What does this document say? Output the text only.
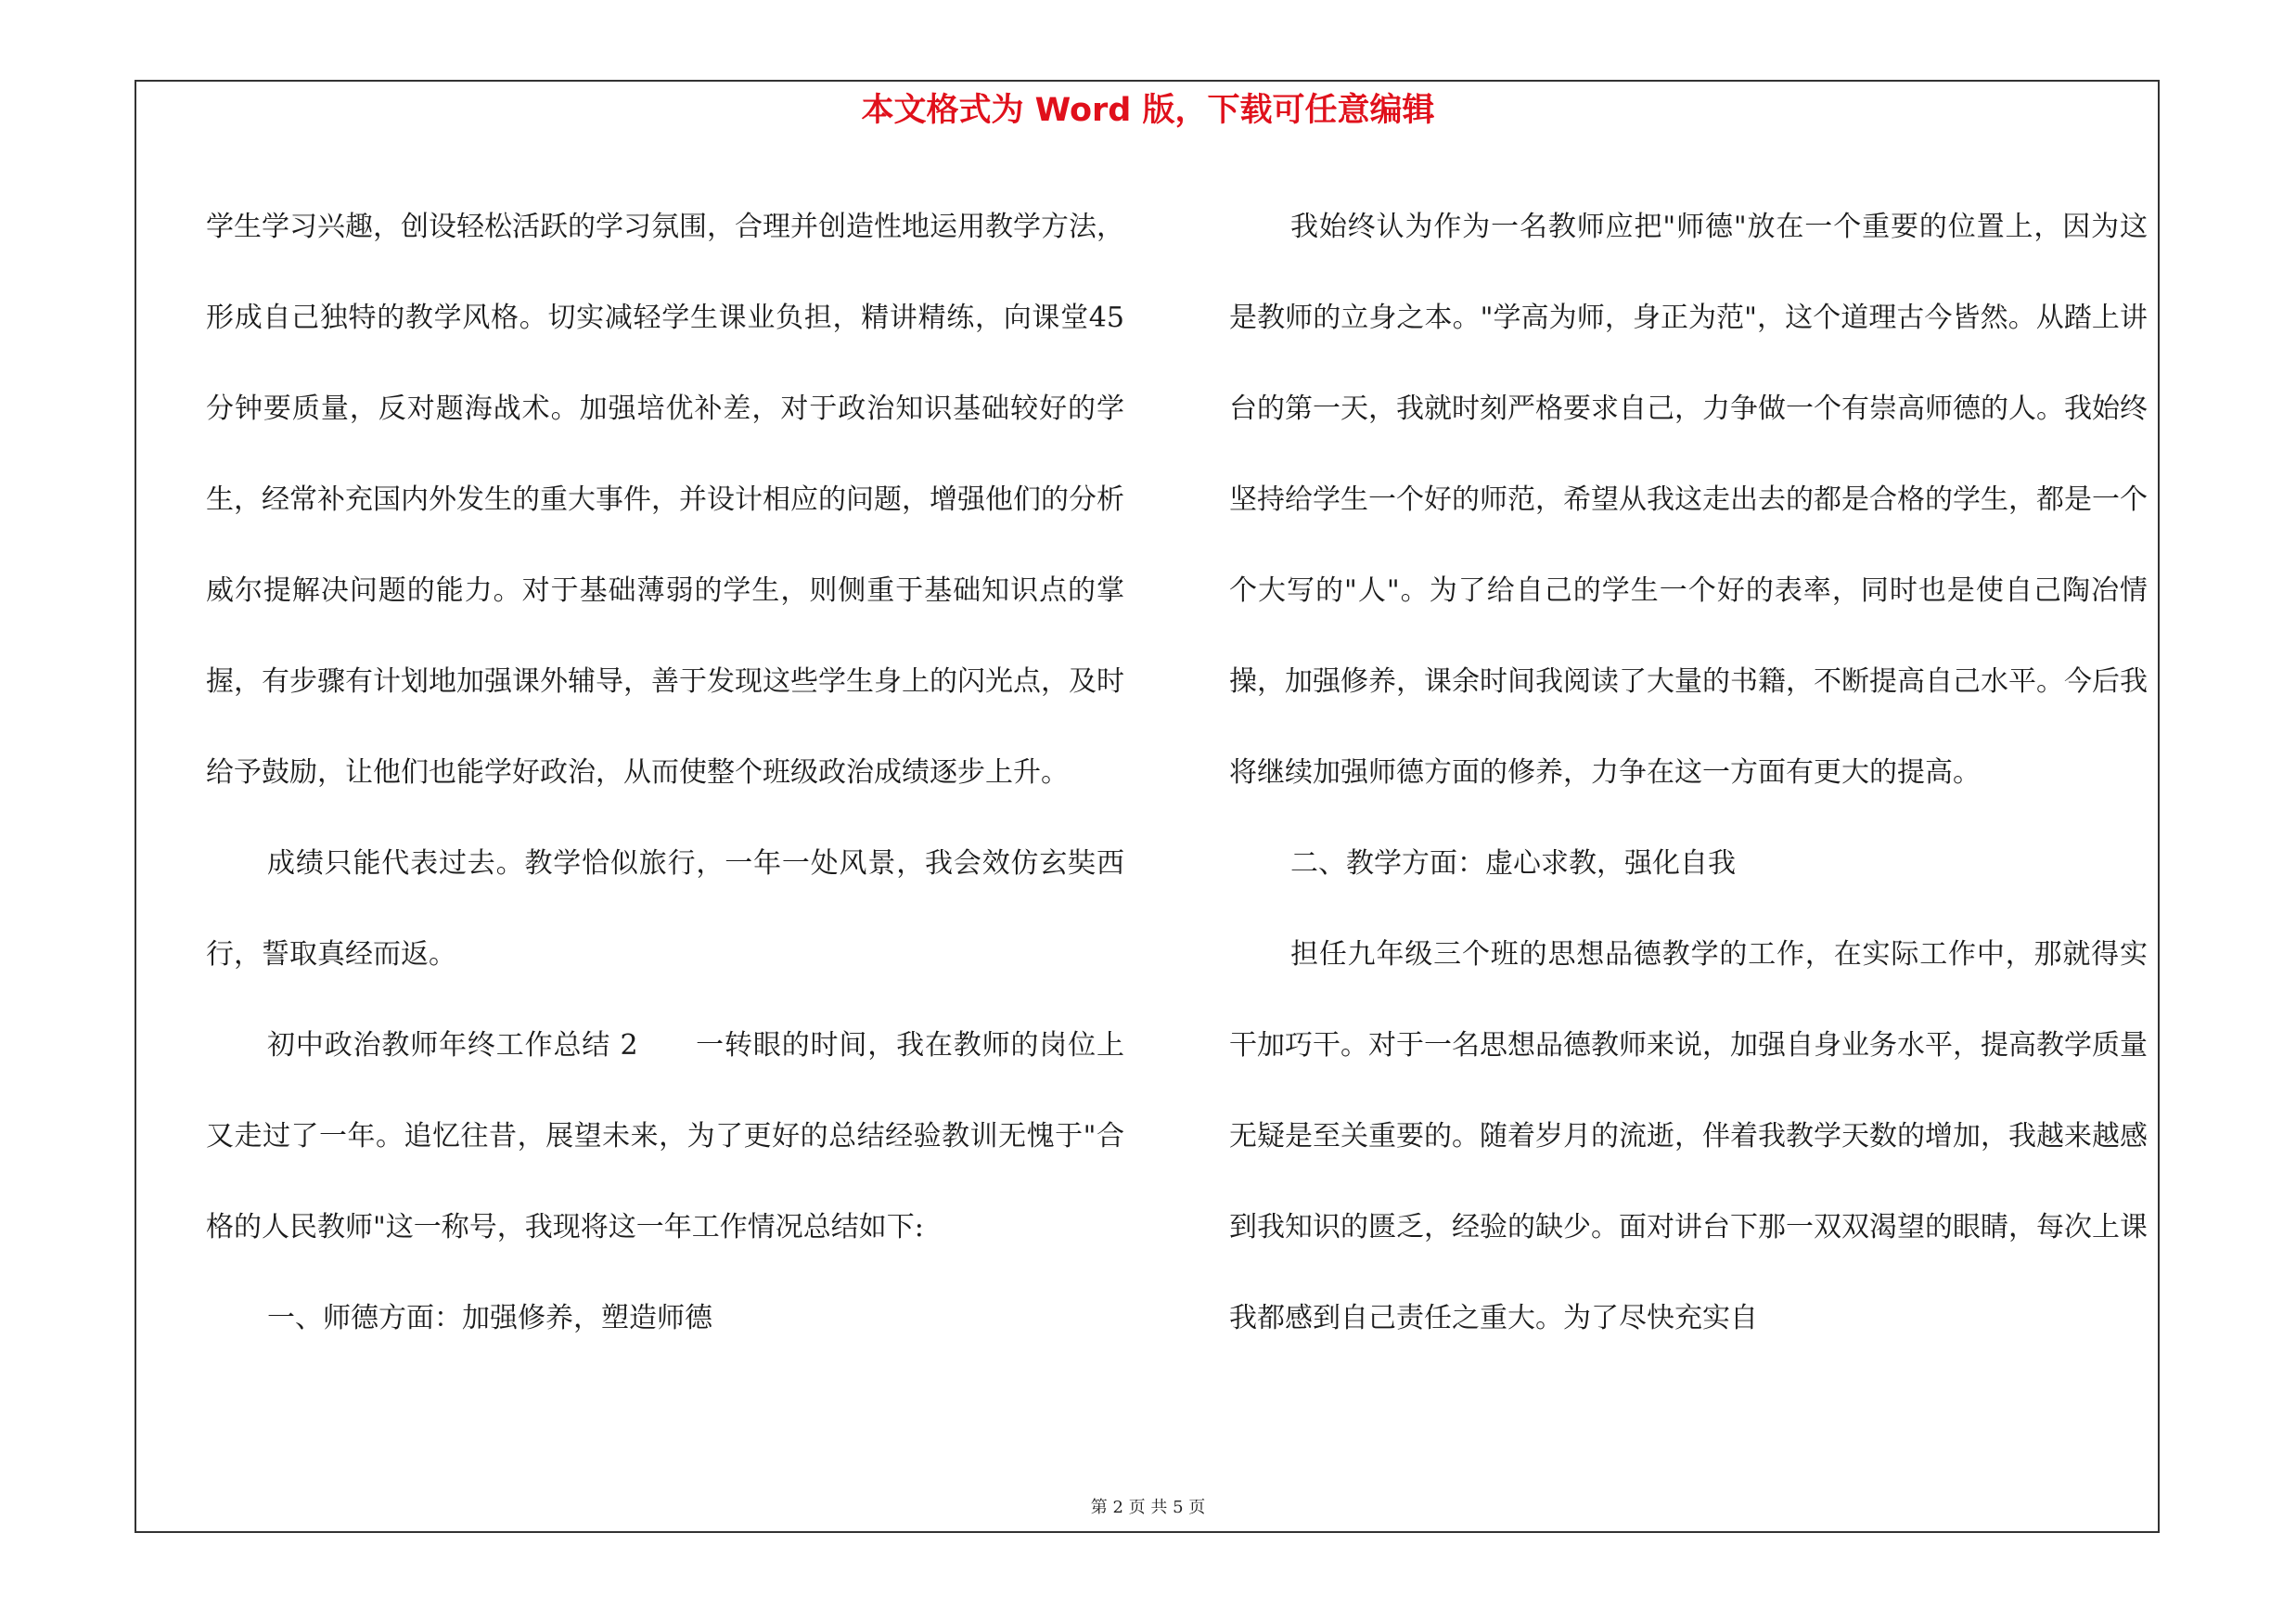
本文格式为 Word 版，下载可任意编辑

学生学习兴趣，创设轻松活跃的学习氛围，合理并创造性地运用教学方法，形成自己独特的教学风格。切实减轻学生课业负担，精讲精练，向课堂45分钟要质量，反对题海战术。加强培优补差，对于政治知识基础较好的学生，经常补充国内外发生的重大事件，并设计相应的问题，增强他们的分析威尔提解决问题的能力。对于基础薄弱的学生，则侧重于基础知识点的掌握，有步骤有计划地加强课外辅导，善于发现这些学生身上的闪光点，及时给予鼓励，让他们也能学好政治，从而使整个班级政治成绩逐步上升。

成绩只能代表过去。教学恰似旅行，一年一处风景，我会效仿玄奘西行，誓取真经而返。

初中政治教师年终工作总结 2　　一转眼的时间，我在教师的岗位上又走过了一年。追忆往昔，展望未来，为了更好的总结经验教训无愧于"合格的人民教师"这一称号，我现将这一年工作情况总结如下:

一、师德方面：加强修养，塑造师德

我始终认为作为一名教师应把"师德"放在一个重要的位置上，因为这是教师的立身之本。"学高为师，身正为范"，这个道理古今皆然。从踏上讲台的第一天，我就时刻严格要求自己，力争做一个有崇高师德的人。我始终坚持给学生一个好的师范，希望从我这走出去的都是合格的学生，都是一个个大写的"人"。为了给自己的学生一个好的表率，同时也是使自己陶冶情操，加强修养，课余时间我阅读了大量的书籍，不断提高自己水平。今后我将继续加强师德方面的修养，力争在这一方面有更大的提高。

二、教学方面：虚心求教，强化自我

担任九年级三个班的思想品德教学的工作，在实际工作中，那就得实干加巧干。对于一名思想品德教师来说，加强自身业务水平，提高教学质量无疑是至关重要的。随着岁月的流逝，伴着我教学天数的增加，我越来越感到我知识的匮乏，经验的缺少。面对讲台下那一双双渴望的眼睛，每次上课我都感到自己责任之重大。为了尽快充实自

第 2 页 共 5 页
